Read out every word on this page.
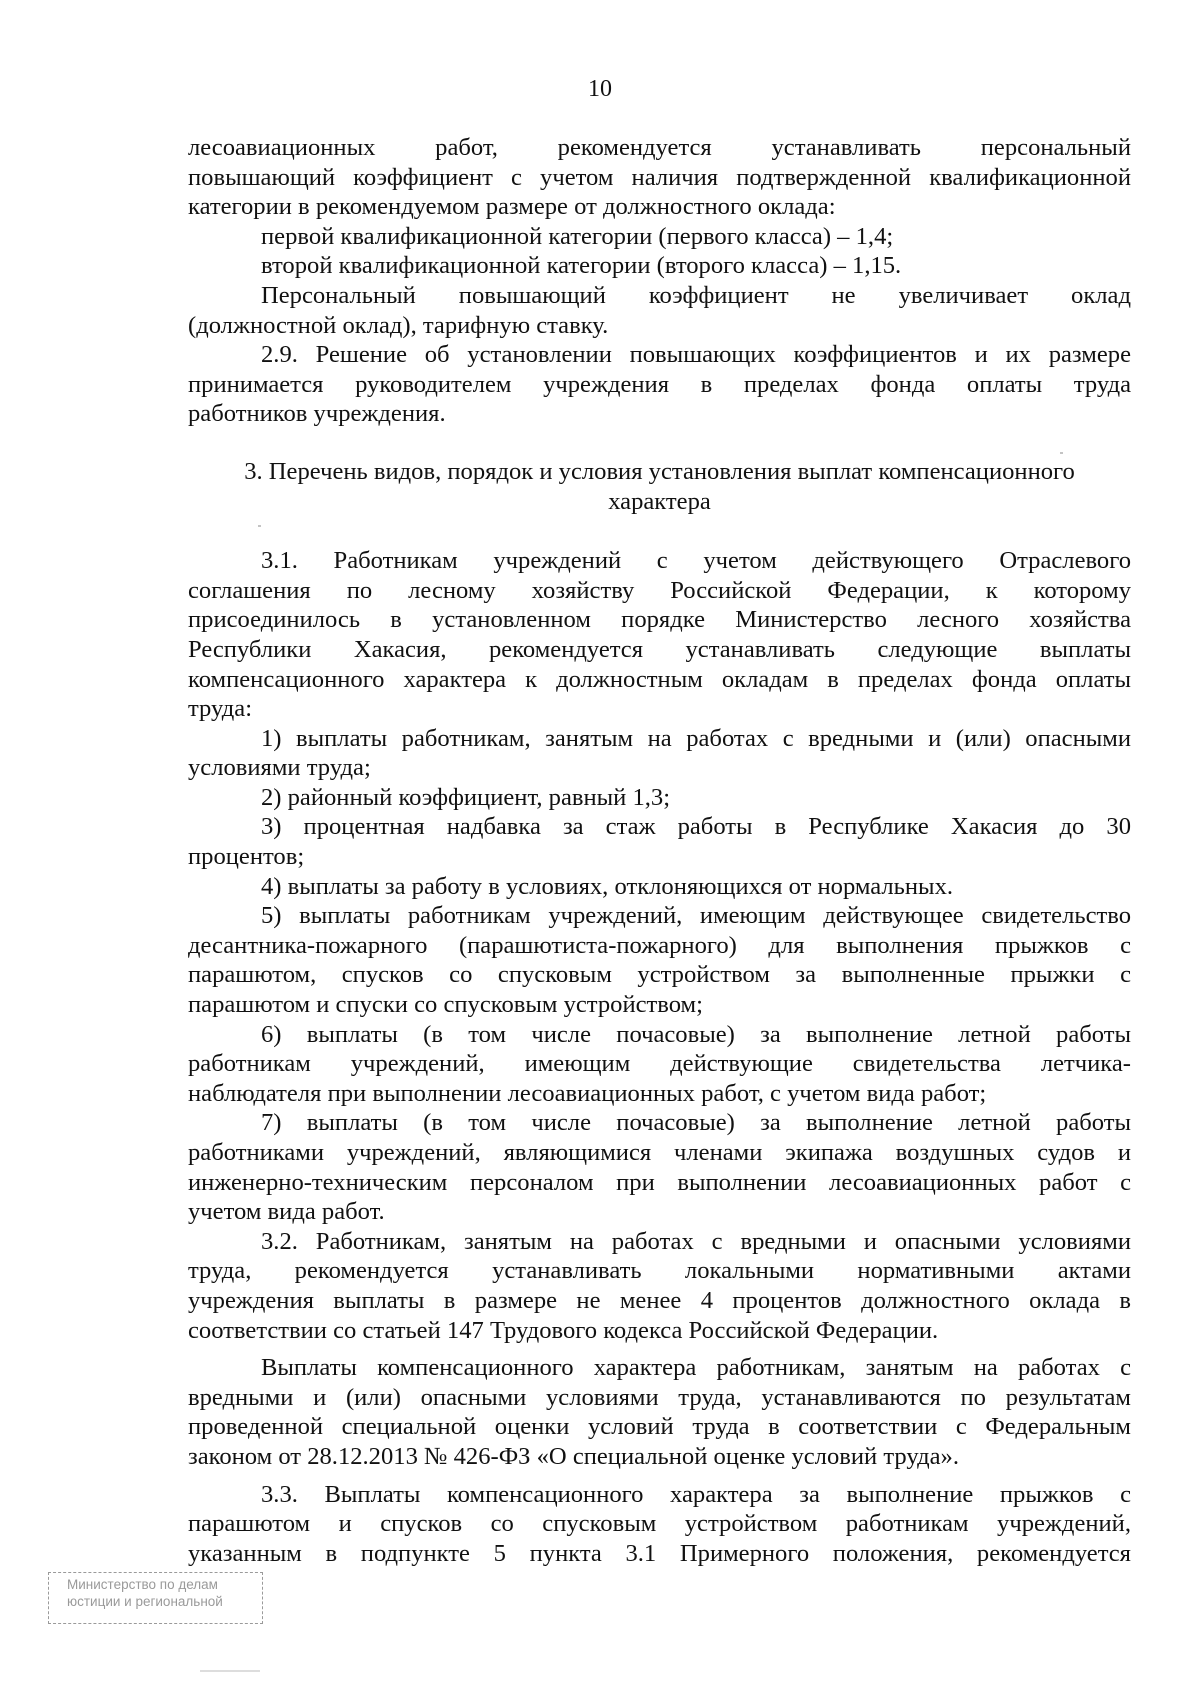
10

лесоавиационных работ, рекомендуется устанавливать персональный

повышающий коэффициент с учетом наличия подтвержденной квалификационной

категории в рекомендуемом размере от должностного оклада:

первой квалификационной категории (первого класса) – 1,4;

второй квалификационной категории (второго класса) – 1,15.

Персональный повышающий коэффициент не увеличивает оклад

(должностной оклад), тарифную ставку.

2.9. Решение об установлении повышающих коэффициентов и их размере

принимается руководителем учреждения в пределах фонда оплаты труда

работников учреждения.

3. Перечень видов, порядок и условия установления выплат компенсационного

характера

3.1. Работникам учреждений с учетом действующего Отраслевого

соглашения по лесному хозяйству Российской Федерации, к которому

присоединилось в установленном порядке Министерство лесного хозяйства

Республики Хакасия, рекомендуется устанавливать следующие выплаты

компенсационного характера к должностным окладам в пределах фонда оплаты

труда:

1) выплаты работникам, занятым на работах с вредными и (или) опасными

условиями труда;

2) районный коэффициент, равный 1,3;

3) процентная надбавка за стаж работы в Республике Хакасия до 30

процентов;

4) выплаты за работу в условиях, отклоняющихся от нормальных.

5) выплаты работникам учреждений, имеющим действующее свидетельство

десантника-пожарного (парашютиста-пожарного) для выполнения прыжков с

парашютом, спусков со спусковым устройством за выполненные прыжки с

парашютом и спуски со спусковым устройством;

6) выплаты (в том числе почасовые) за выполнение летной работы

работникам учреждений, имеющим действующие свидетельства летчика-

наблюдателя при выполнении лесоавиационных работ, с учетом вида работ;

7) выплаты (в том числе почасовые) за выполнение летной работы

работниками учреждений, являющимися членами экипажа воздушных судов и

инженерно-техническим персоналом при выполнении лесоавиационных работ с

учетом вида работ.

3.2. Работникам, занятым на работах с вредными и опасными условиями

труда, рекомендуется устанавливать локальными нормативными актами

учреждения выплаты в размере не менее 4 процентов должностного оклада в

соответствии со статьей 147 Трудового кодекса Российской Федерации.

Выплаты компенсационного характера работникам, занятым на работах с

вредными и (или) опасными условиями труда, устанавливаются по результатам

проведенной специальной оценки условий труда в соответствии с Федеральным

законом от 28.12.2013 № 426-ФЗ «О специальной оценке условий труда».

3.3. Выплаты компенсационного характера за выполнение прыжков с

парашютом и спусков со спусковым устройством работникам учреждений,

указанным в подпункте 5 пункта 3.1 Примерного положения, рекомендуется

Министерство по делам
юстиции и региональной
